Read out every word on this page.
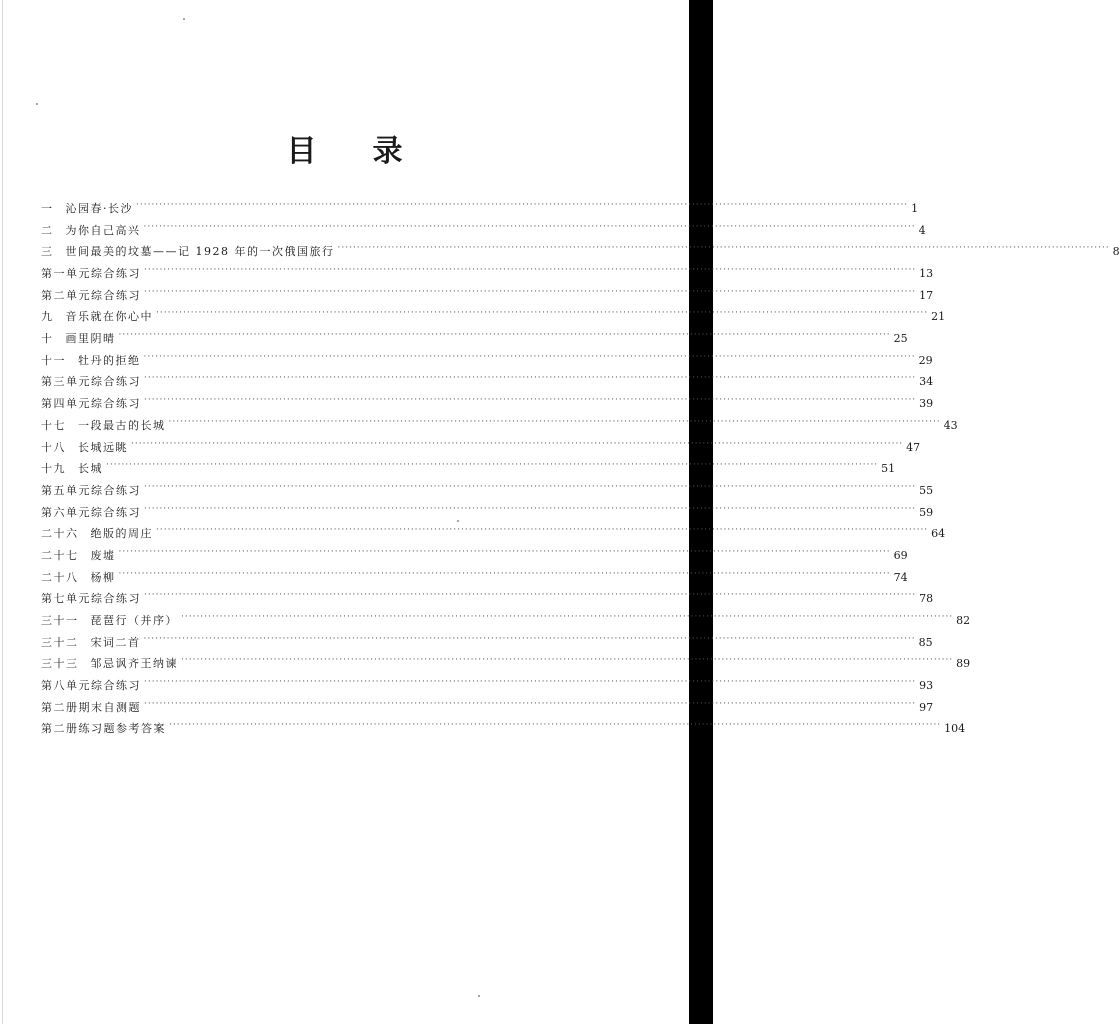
目 录
一 沁园春·长沙 ········································································································································································································ 1
二 为你自己高兴 ········································································································································································································ 4
三 世间最美的坟墓——记 1928 年的一次俄国旅行 ········································································································································································································ 8
第一单元综合练习 ········································································································································································································ 13
第二单元综合练习 ········································································································································································································ 17
九 音乐就在你心中 ········································································································································································································ 21
十 画里阴晴 ········································································································································································································ 25
十一 牡丹的拒绝 ········································································································································································································ 29
第三单元综合练习 ········································································································································································································ 34
第四单元综合练习 ········································································································································································································ 39
十七 一段最古的长城 ········································································································································································································ 43
十八 长城远眺 ········································································································································································································ 47
十九 长城 ········································································································································································································ 51
第五单元综合练习 ········································································································································································································ 55
第六单元综合练习 ········································································································································································································ 59
二十六 绝版的周庄 ········································································································································································································ 64
二十七 废墟 ········································································································································································································ 69
二十八 杨柳 ········································································································································································································ 74
第七单元综合练习 ········································································································································································································ 78
三十一 琵琶行（并序） ········································································································································································································ 82
三十二 宋词二首 ········································································································································································································ 85
三十三 邹忌讽齐王纳谏 ········································································································································································································ 89
第八单元综合练习 ········································································································································································································ 93
第二册期末自测题 ········································································································································································································ 97
第二册练习题参考答案 ········································································································································································································ 104
